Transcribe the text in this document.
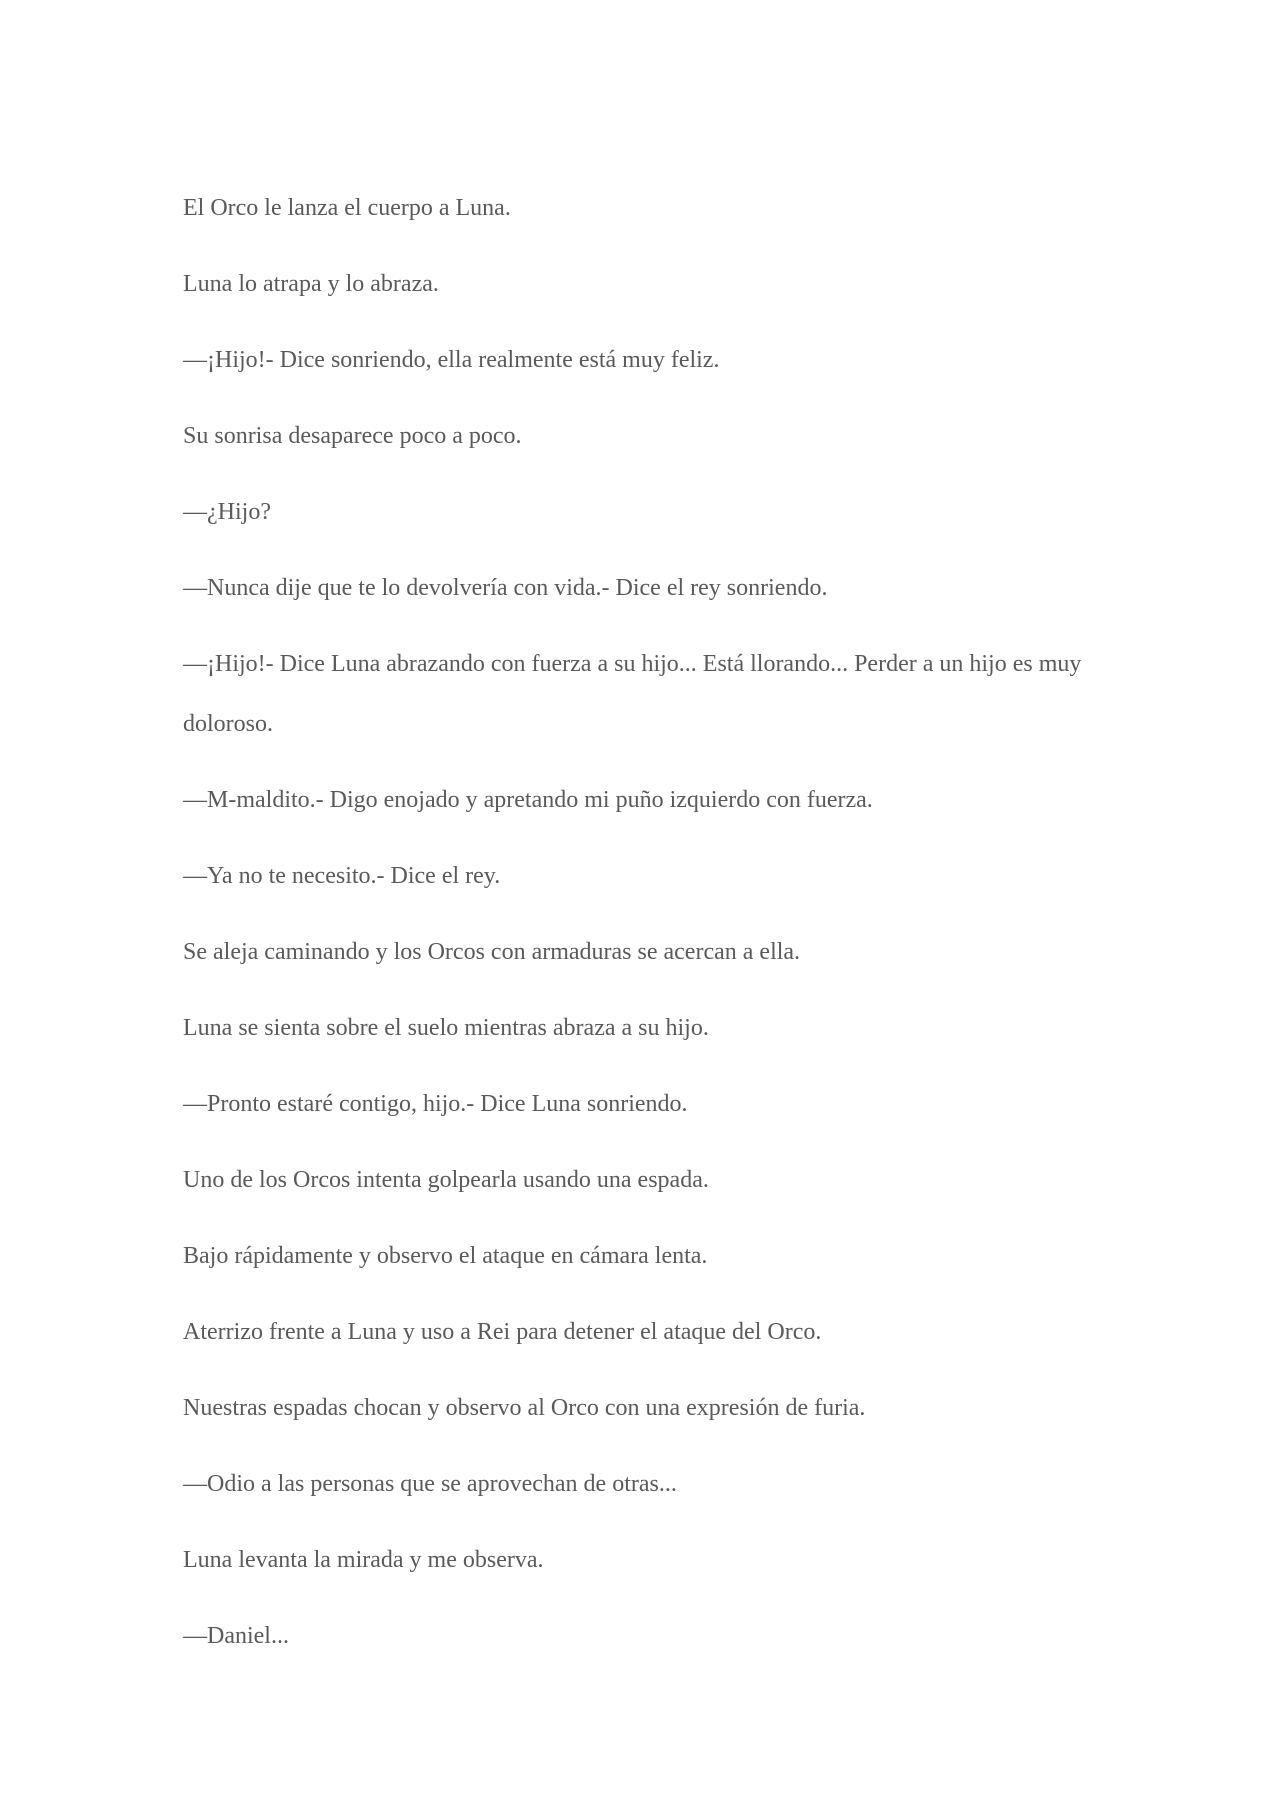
El Orco le lanza el cuerpo a Luna.

Luna lo atrapa y lo abraza.

—¡Hijo!- Dice sonriendo, ella realmente está muy feliz.

Su sonrisa desaparece poco a poco.

—¿Hijo?

—Nunca dije que te lo devolvería con vida.- Dice el rey sonriendo.

—¡Hijo!- Dice Luna abrazando con fuerza a su hijo... Está llorando... Perder a un hijo es muy doloroso.

—M-maldito.- Digo enojado y apretando mi puño izquierdo con fuerza.

—Ya no te necesito.- Dice el rey.

Se aleja caminando y los Orcos con armaduras se acercan a ella.

Luna se sienta sobre el suelo mientras abraza a su hijo.

—Pronto estaré contigo, hijo.- Dice Luna sonriendo.

Uno de los Orcos intenta golpearla usando una espada.

Bajo rápidamente y observo el ataque en cámara lenta.

Aterrizo frente a Luna y uso a Rei para detener el ataque del Orco.

Nuestras espadas chocan y observo al Orco con una expresión de furia.

—Odio a las personas que se aprovechan de otras...

Luna levanta la mirada y me observa.

—Daniel...
